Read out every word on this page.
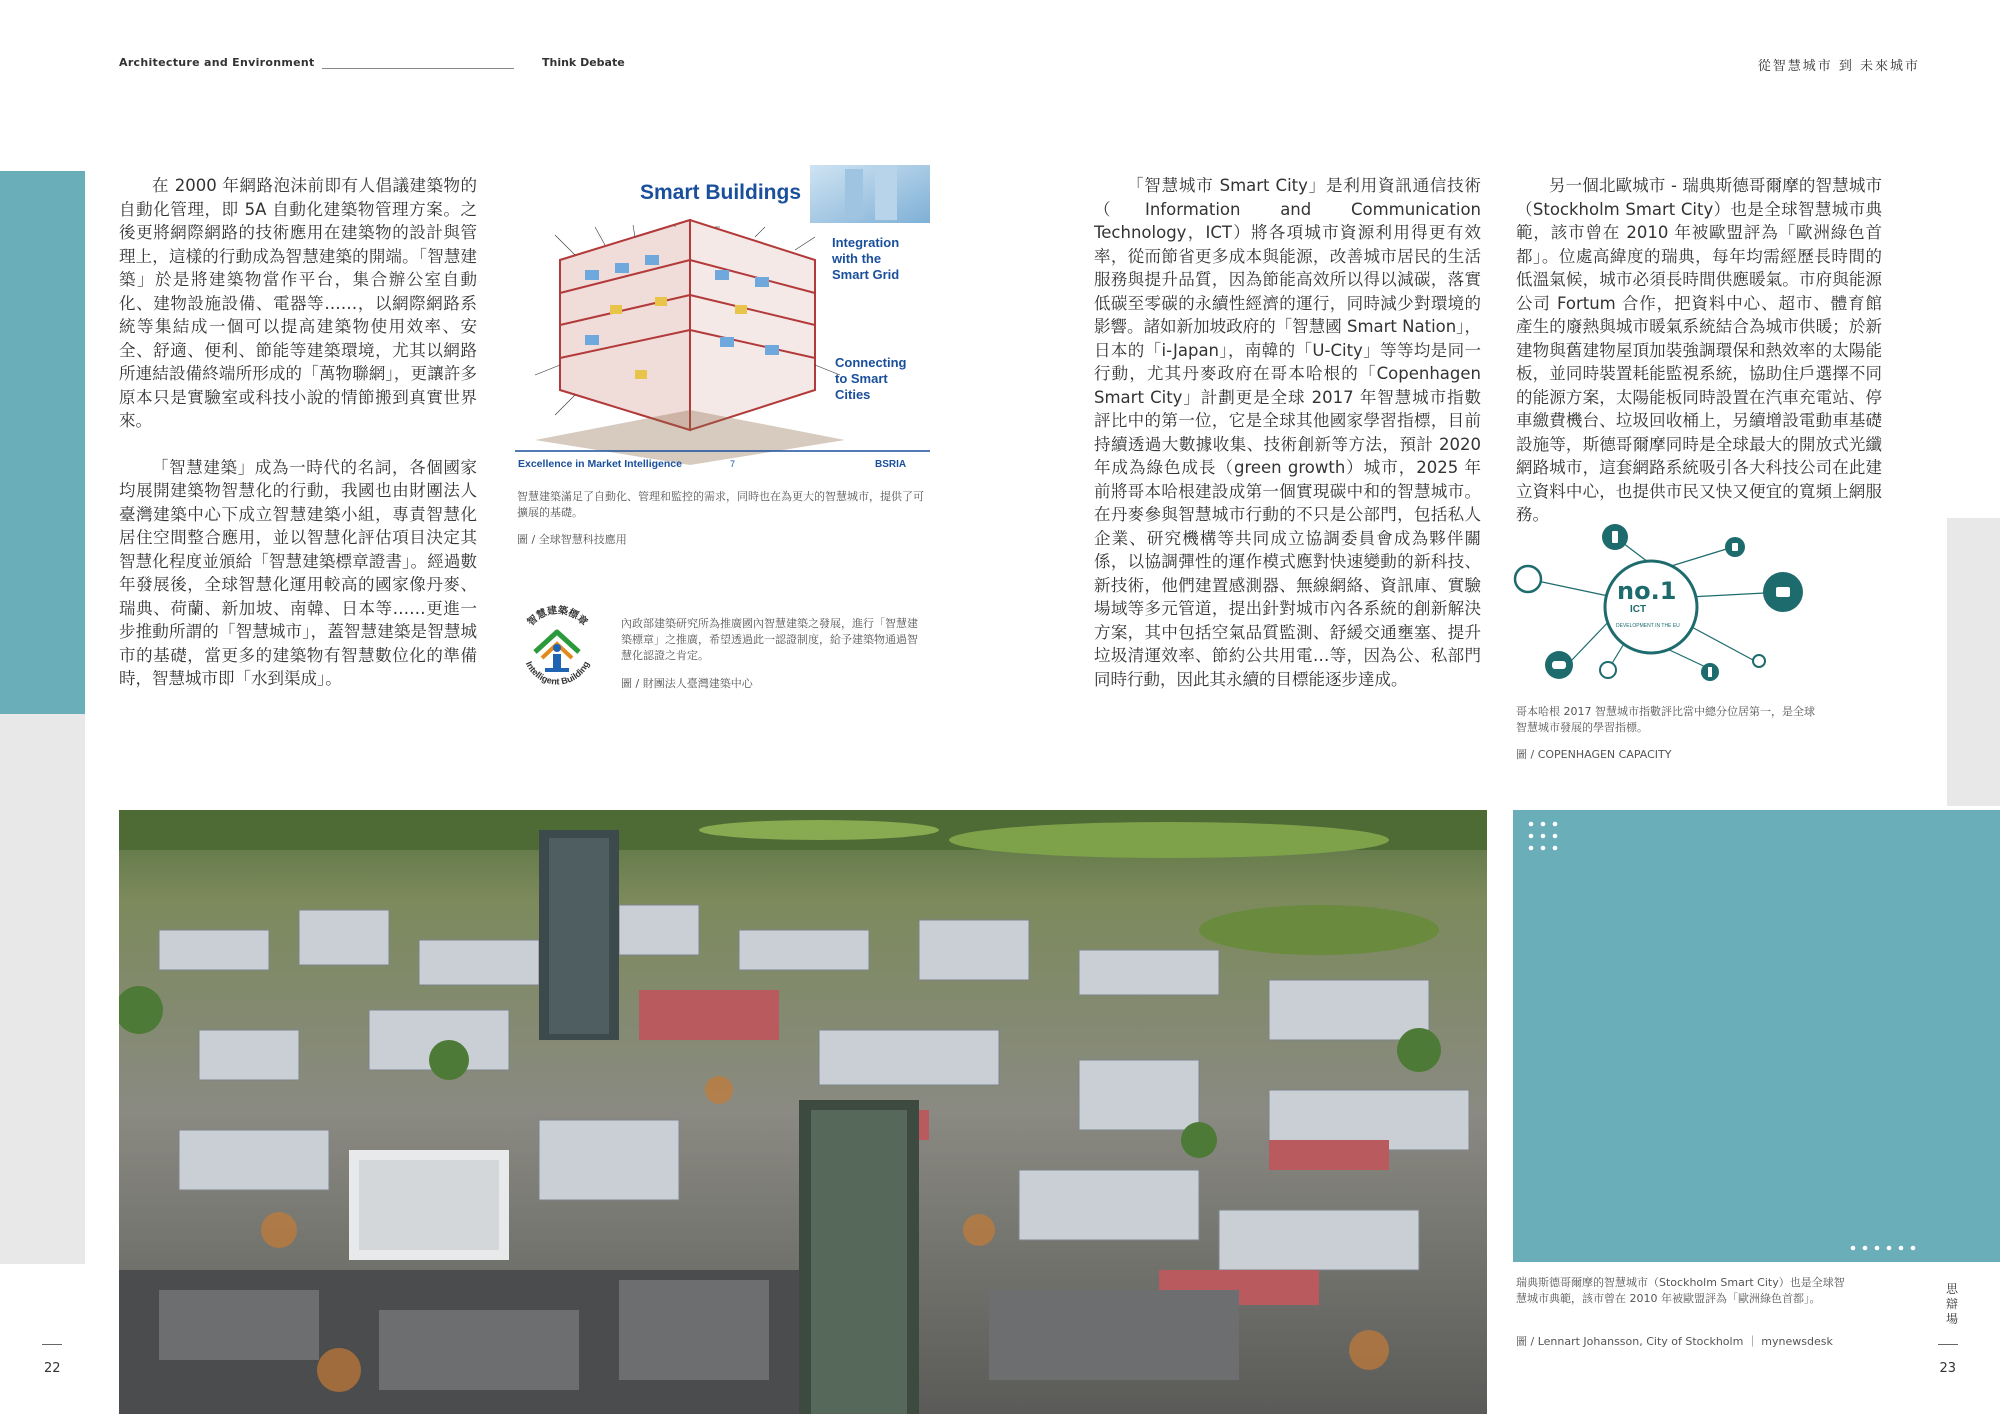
Architecture and Environment	Think Debate	從智慧城市 到 未來城市

在 2000 年網路泡沫前即有人倡議建築物的自動化管理，即 5A 自動化建築物管理方案。之後更將網際網路的技術應用在建築物的設計與管理上，這樣的行動成為智慧建築的開端。「智慧建築」於是將建築物當作平台，集合辦公室自動化、建物設施設備、電器等……，以網際網路系統等集結成一個可以提高建築物使用效率、安全、舒適、便利、節能等建築環境，尤其以網路所連結設備終端所形成的「萬物聯網」，更讓許多原本只是實驗室或科技小說的情節搬到真實世界來。

「智慧建築」成為一時代的名詞，各個國家均展開建築物智慧化的行動，我國也由財團法人臺灣建築中心下成立智慧建築小組，專責智慧化居住空間整合應用，並以智慧化評估項目決定其智慧化程度並頒給「智慧建築標章證書」。經過數年發展後，全球智慧化運用較高的國家像丹麥、瑞典、荷蘭、新加坡、南韓、日本等……更進一步推動所謂的「智慧城市」，蓋智慧建築是智慧城市的基礎，當更多的建築物有智慧數位化的準備時，智慧城市即「水到渠成」。

Smart Buildings
Integration with the Smart Grid
Connecting to Smart Cities
Excellence in Market Intelligence	7	BSRIA
智慧建築滿足了自動化、管理和監控的需求，同時也在為更大的智慧城市，提供了可擴展的基礎。
圖 / 全球智慧科技應用
智慧建築標章
Intelligent Building
內政部建築研究所為推廣國內智慧建築之發展，進行「智慧建築標章」之推廣，希望透過此一認證制度，給予建築物通過智慧化認證之肯定。
圖 / 財團法人臺灣建築中心

「智慧城市 Smart City」是利用資訊通信技術（Information and Communication Technology，ICT）將各項城市資源利用得更有效率，從而節省更多成本與能源，改善城市居民的生活服務與提升品質，因為節能高效所以得以減碳，落實低碳至零碳的永續性經濟的運行，同時減少對環境的影響。諸如新加坡政府的「智慧國 Smart Nation」，日本的「i-Japan」，南韓的「U-City」等等均是同一行動，尤其丹麥政府在哥本哈根的「Copenhagen Smart City」計劃更是全球 2017 年智慧城市指數評比中的第一位，它是全球其他國家學習指標，目前持續透過大數據收集、技術創新等方法，預計 2020 年成為綠色成長（green growth）城市，2025 年前將哥本哈根建設成第一個實現碳中和的智慧城市。在丹麥參與智慧城市行動的不只是公部門，包括私人企業、研究機構等共同成立協調委員會成為夥伴關係，以協調彈性的運作模式應對快速變動的新科技、新技術，他們建置感測器、無線網絡、資訊庫、實驗場域等多元管道，提出針對城市內各系統的創新解決方案，其中包括空氣品質監測、舒緩交通壅塞、提升垃圾清運效率、節約公共用電…等，因為公、私部門同時行動，因此其永續的目標能逐步達成。

另一個北歐城市 - 瑞典斯德哥爾摩的智慧城市（Stockholm Smart City）也是全球智慧城市典範，該市曾在 2010 年被歐盟評為「歐洲綠色首都」。位處高緯度的瑞典，每年均需經歷長時間的低溫氣候，城市必須長時間供應暖氣。市府與能源公司 Fortum 合作，把資料中心、超市、體育館產生的廢熱與城市暖氣系統結合為城市供暖；於新建物與舊建物屋頂加裝強調環保和熱效率的太陽能板，並同時裝置耗能監視系統，協助住戶選擇不同的能源方案，太陽能板同時設置在汽車充電站、停車繳費機台、垃圾回收桶上，另續增設電動車基礎設施等，斯德哥爾摩同時是全球最大的開放式光纖網路城市，這套網路系統吸引各大科技公司在此建立資料中心，也提供市民又快又便宜的寬頻上網服務。

no.1
ICT
DEVELOPMENT IN THE EU
哥本哈根 2017 智慧城市指數評比當中總分位居第一，是全球智慧城市發展的學習指標。
圖 / COPENHAGEN CAPACITY
瑞典斯德哥爾摩的智慧城市（Stockholm Smart City）也是全球智慧城市典範，該市曾在 2010 年被歐盟評為「歐洲綠色首都」。
圖 / Lennart Johansson, City of Stockholm ｜ mynewsdesk
22	23
思辯場
